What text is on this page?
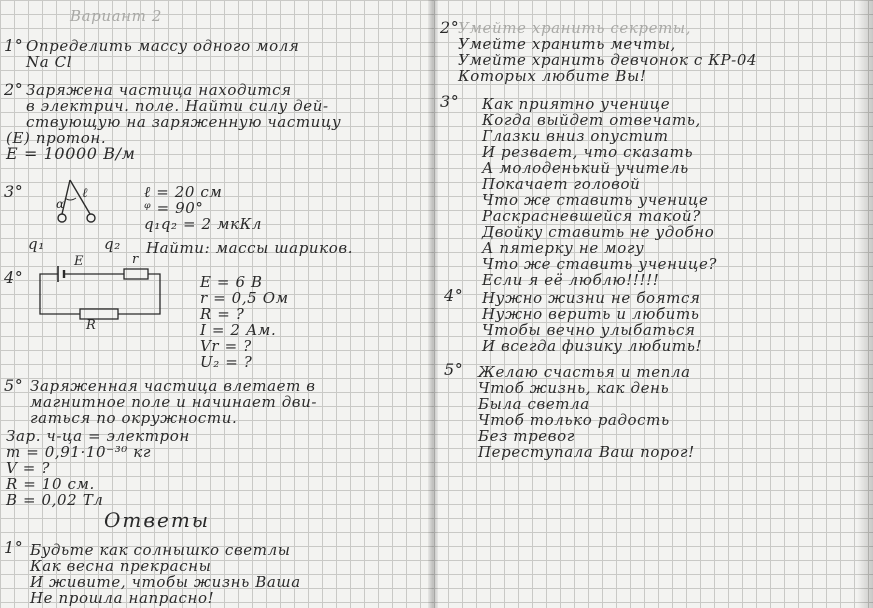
Вариант 2
1° Определить массу одного моля
Na Cl
2° Заряжена частица находится
в электрич. поле. Найти силу дей-
ствующую на заряженную частицу
(Е) протон.
E = 10000 В/м
3°
α
ℓ
q₁	q₂
ℓ = 20 см
ᵠ = 90°
q₁q₂ = 2 мкКл
Найти: массы шариков.
4°
Е	r
R
Е = 6 В
r = 0,5 Ом
R = ?
I = 2 Ам.
Vr = ?
U₂ = ?
5° Заряженная частица влетает в
магнитное поле и начинает дви-
гаться по окружности.
Зар. ч-ца = электрон
m = 0,91·10⁻³⁰ кг
V = ?
R = 10 см.
B = 0,02 Тл
Ответы
1° Будьте как солнышко светлы
Как весна прекрасны
И живите, чтобы жизнь Ваша
Не прошла напрасно!
2°
Умейте хранить секреты,
Умейте хранить мечты,
Умейте хранить девчонок с КР-04
Которых любите Вы!
3° Как приятно ученице
Когда выйдет отвечать,
Глазки вниз опустит
И резвает, что сказать
А молоденький учитель
Покачает головой
Что же ставить ученице
Раскрасневшейся такой?
Двойку ставить не удобно
А пятерку не могу
Что же ставить ученице?
Если я её люблю!!!!!
4° Нужно жизни не боятся
Нужно верить и любить
Чтобы вечно улыбаться
И всегда физику любить!
5° Желаю счастья и тепла
Чтоб жизнь, как день
Была светла
Чтоб только радость
Без тревог
Переступала Ваш порог!
